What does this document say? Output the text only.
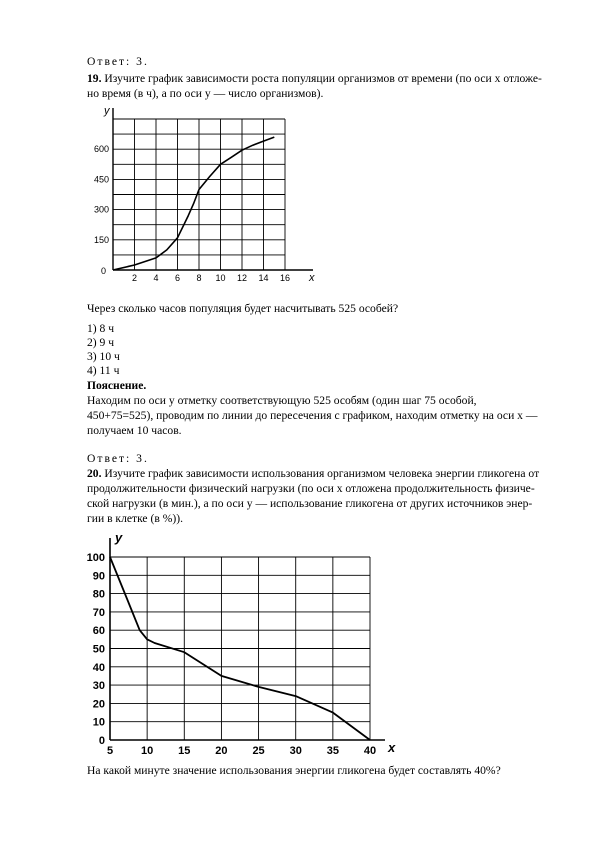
Ответ: 3.
19. Изучите график зависимости роста популяции организмов от времени (по оси x отложе-
но время (в ч), а по оси y — число организмов).
y
x
0
2 4 6 8 10 12 14 16
150
300
450
600
Через сколько часов популяция будет насчитывать 525 особей?
1) 8 ч
2) 9 ч
3) 10 ч
4) 11 ч
Пояснение.
Находим по оси y отметку соответствующую 525 особям (один шаг 75 особой,
450+75=525), проводим по линии до пересечения с графиком, находим отметку на оси x —
получаем 10 часов.
Ответ: 3.
20. Изучите график зависимости использования организмом человека энергии гликогена от
продолжительности физический нагрузки (по оси x отложена продолжительность физиче-
ской нагрузки (в мин.), а по оси y — использование гликогена от других источников энер-
гии в клетке (в %)).
y
x
5	10 15 20 25 30 35 40
0
10
20
30
40
50
60
70
80
90
100
На какой минуте значение использования энергии гликогена будет составлять 40%?
